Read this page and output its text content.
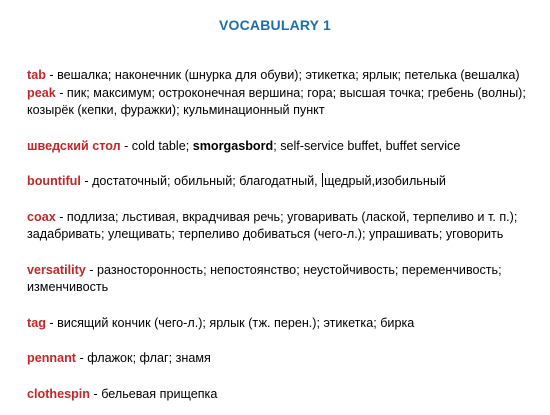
VOCABULARY 1

tab - вешалка; наконечник (шнурка для обуви); этикетка; ярлык; петелька (вешалка)

peak - пик; максимум; остроконечная вершина; гора; высшая точка; гребень (волны); козырёк (кепки, фуражки); кульминационный пункт

шведский стол - cold table; smorgasbord; self-service buffet, buffet service

bountiful - достаточный; обильный; благодатный, щедрый,изобильный

coax - подлиза; льстивая, вкрадчивая речь; уговаривать (лаской, терпеливо и т. п.); задабривать; улещивать; терпеливо добиваться (чего-л.); упрашивать; уговорить

versatility - разносторонность; непостоянство; неустойчивость; переменчивость; изменчивость

tag - висящий кончик (чего-л.); ярлык (тж. перен.); этикетка; бирка

pennant - флажок; флаг; знамя

clothespin - бельевая прищепка
